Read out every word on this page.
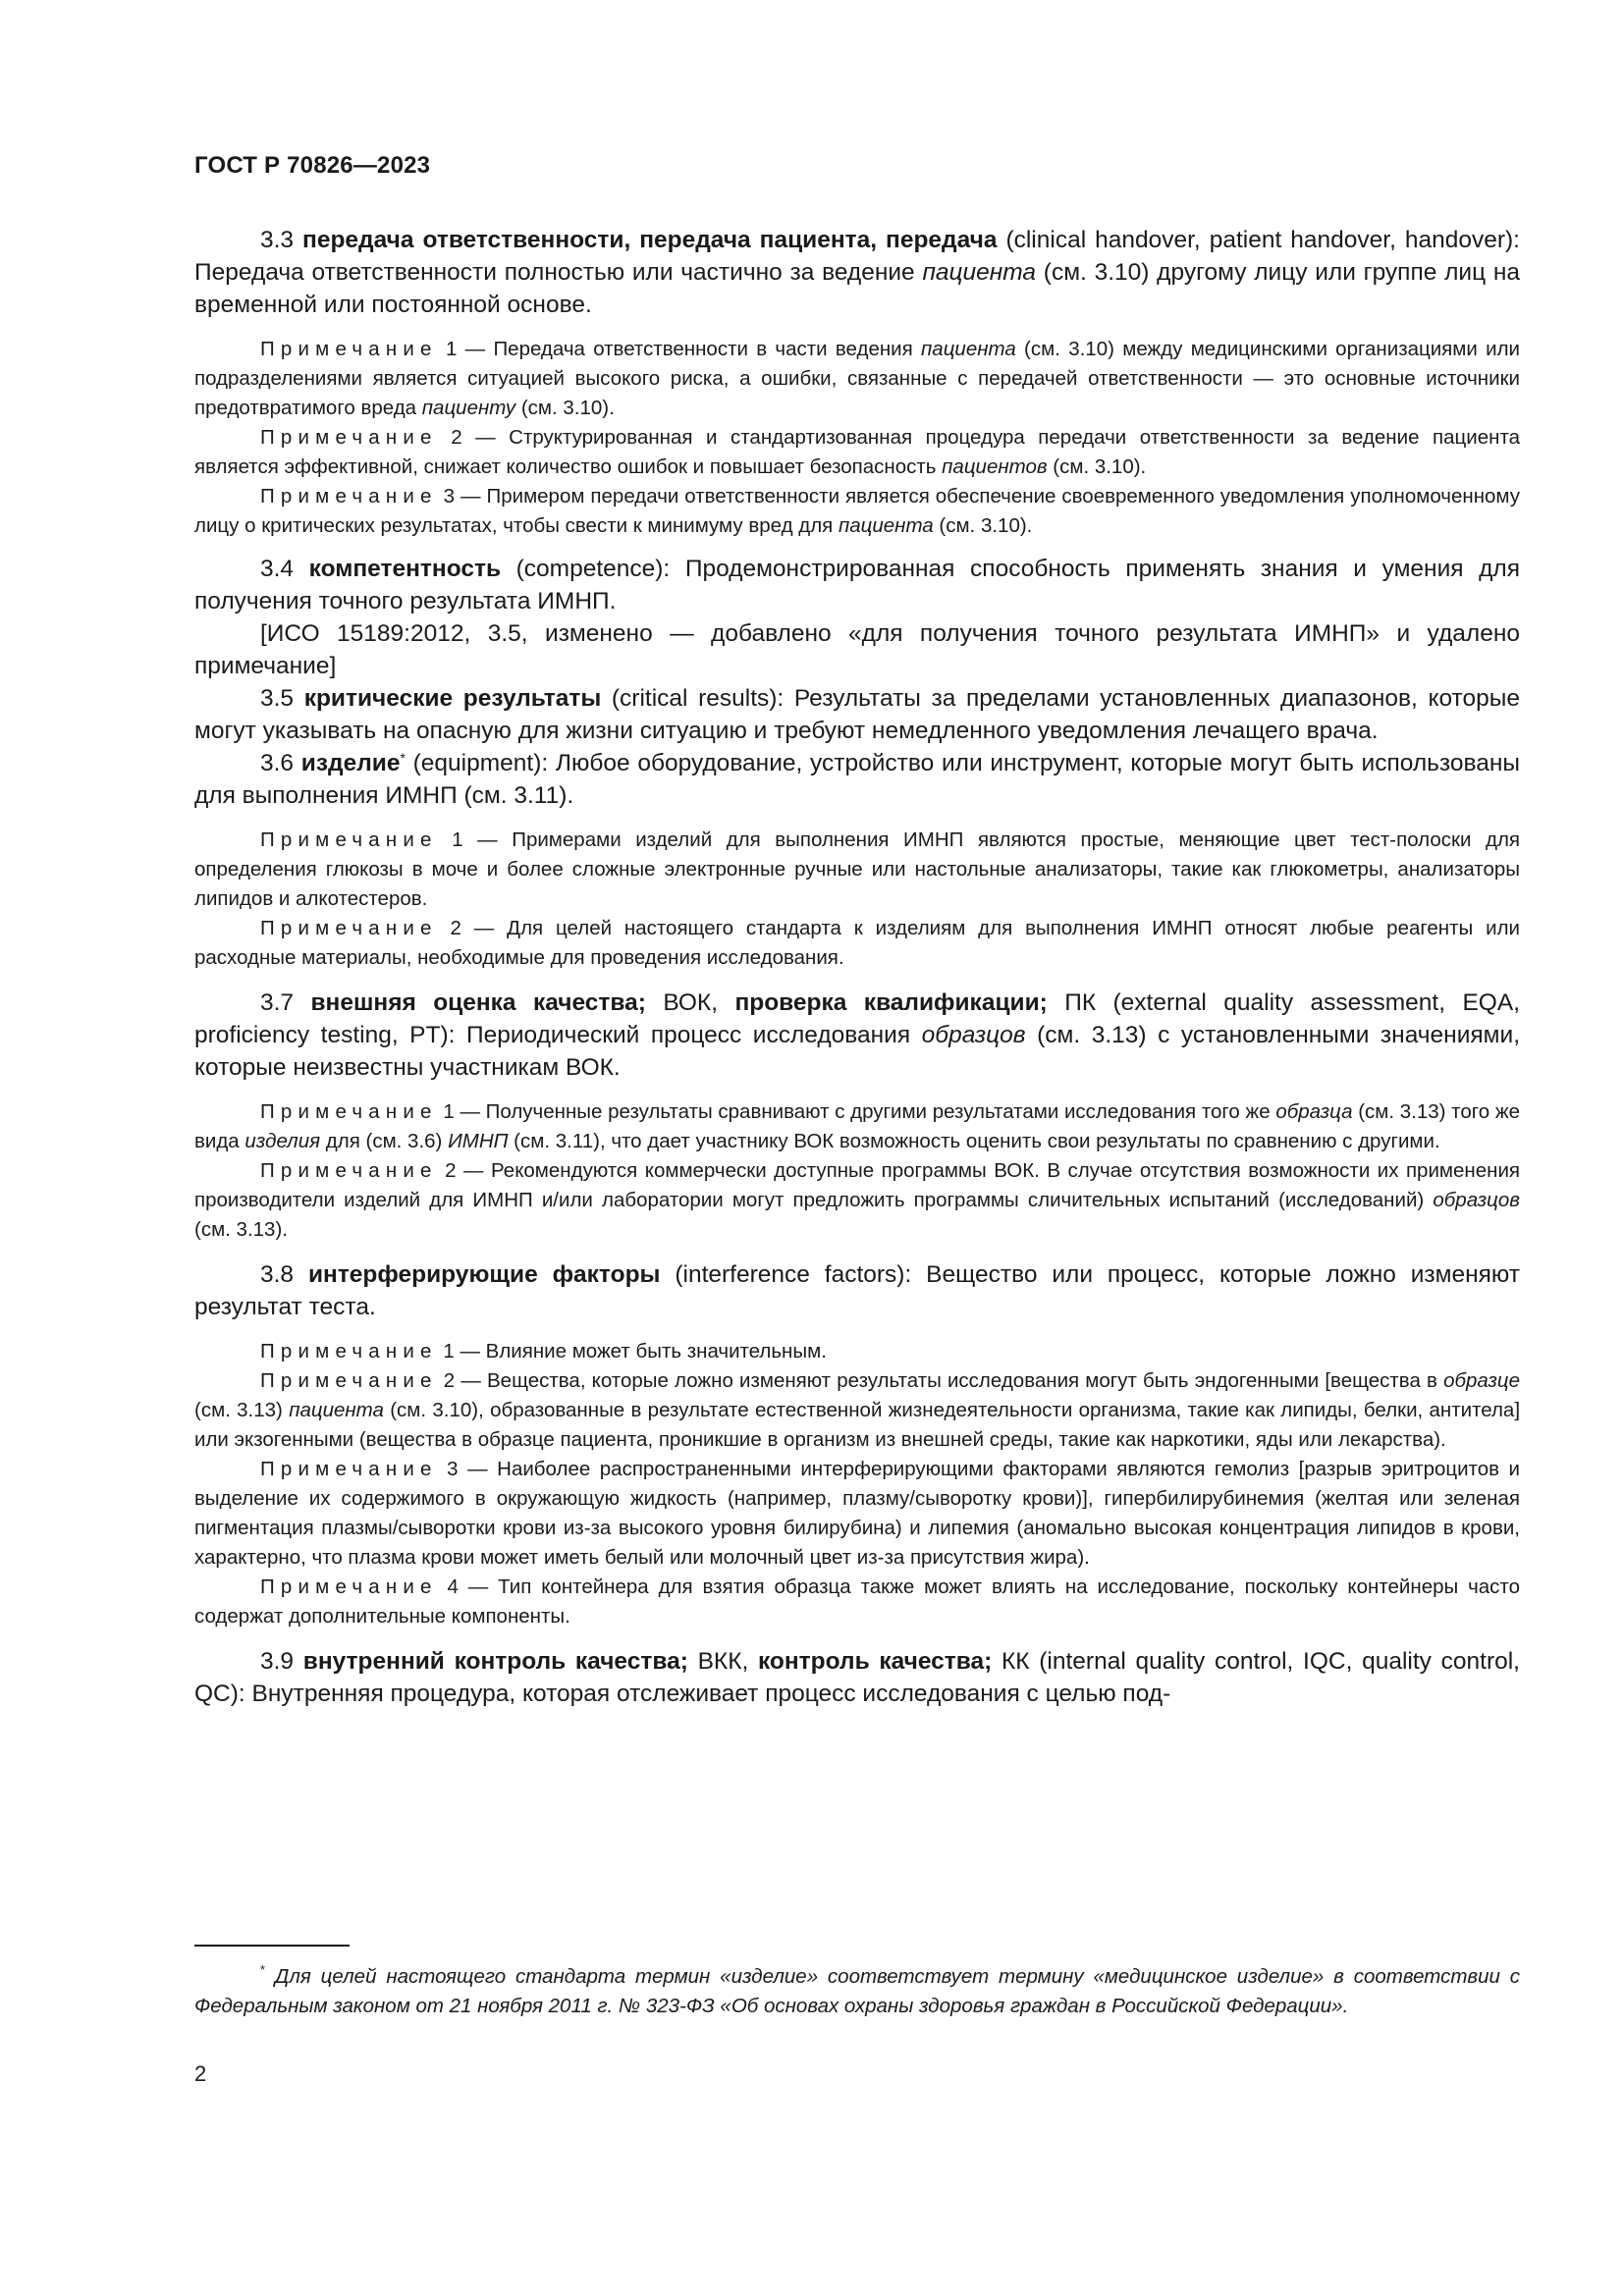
ГОСТ Р 70826—2023

3.3 передача ответственности, передача пациента, передача (clinical handover, patient handover, handover): Передача ответственности полностью или частично за ведение пациента (см. 3.10) другому лицу или группе лиц на временной или постоянной основе.

Примечание 1 — Передача ответственности в части ведения пациента (см. 3.10) между медицинскими организациями или подразделениями является ситуацией высокого риска, а ошибки, связанные с передачей ответственности — это основные источники предотвратимого вреда пациенту (см. 3.10).

Примечание 2 — Структурированная и стандартизованная процедура передачи ответственности за ведение пациента является эффективной, снижает количество ошибок и повышает безопасность пациентов (см. 3.10).

Примечание 3 — Примером передачи ответственности является обеспечение своевременного уведомления уполномоченному лицу о критических результатах, чтобы свести к минимуму вред для пациента (см. 3.10).

3.4 компетентность (competence): Продемонстрированная способность применять знания и умения для получения точного результата ИМНП.

[ИСО 15189:2012, 3.5, изменено — добавлено «для получения точного результата ИМНП» и удалено примечание]

3.5 критические результаты (critical results): Результаты за пределами установленных диапазонов, которые могут указывать на опасную для жизни ситуацию и требуют немедленного уведомления лечащего врача.

3.6 изделие* (equipment): Любое оборудование, устройство или инструмент, которые могут быть использованы для выполнения ИМНП (см. 3.11).

Примечание 1 — Примерами изделий для выполнения ИМНП являются простые, меняющие цвет тест-полоски для определения глюкозы в моче и более сложные электронные ручные или настольные анализаторы, такие как глюкометры, анализаторы липидов и алкотестеров.

Примечание 2 — Для целей настоящего стандарта к изделиям для выполнения ИМНП относят любые реагенты или расходные материалы, необходимые для проведения исследования.

3.7 внешняя оценка качества; ВОК, проверка квалификации; ПК (external quality assessment, EQA, proficiency testing, PT): Периодический процесс исследования образцов (см. 3.13) с установленными значениями, которые неизвестны участникам ВОК.

Примечание 1 — Полученные результаты сравнивают с другими результатами исследования того же образца (см. 3.13) того же вида изделия для (см. 3.6) ИМНП (см. 3.11), что дает участнику ВОК возможность оценить свои результаты по сравнению с другими.

Примечание 2 — Рекомендуются коммерчески доступные программы ВОК. В случае отсутствия возможности их применения производители изделий для ИМНП и/или лаборатории могут предложить программы сличительных испытаний (исследований) образцов (см. 3.13).

3.8 интерферирующие факторы (interference factors): Вещество или процесс, которые ложно изменяют результат теста.

Примечание 1 — Влияние может быть значительным.

Примечание 2 — Вещества, которые ложно изменяют результаты исследования могут быть эндогенными [вещества в образце (см. 3.13) пациента (см. 3.10), образованные в результате естественной жизнедеятельности организма, такие как липиды, белки, антитела] или экзогенными (вещества в образце пациента, проникшие в организм из внешней среды, такие как наркотики, яды или лекарства).

Примечание 3 — Наиболее распространенными интерферирующими факторами являются гемолиз [разрыв эритроцитов и выделение их содержимого в окружающую жидкость (например, плазму/сыворотку крови)], гипербилирубинемия (желтая или зеленая пигментация плазмы/сыворотки крови из-за высокого уровня билирубина) и липемия (аномально высокая концентрация липидов в крови, характерно, что плазма крови может иметь белый или молочный цвет из-за присутствия жира).

Примечание 4 — Тип контейнера для взятия образца также может влиять на исследование, поскольку контейнеры часто содержат дополнительные компоненты.

3.9 внутренний контроль качества; ВКК, контроль качества; КК (internal quality control, IQC, quality control, QC): Внутренняя процедура, которая отслеживает процесс исследования с целью под-

* Для целей настоящего стандарта термин «изделие» соответствует термину «медицинское изделие» в соответствии с Федеральным законом от 21 ноября 2011 г. № 323-ФЗ «Об основах охраны здоровья граждан в Российской Федерации».

2
